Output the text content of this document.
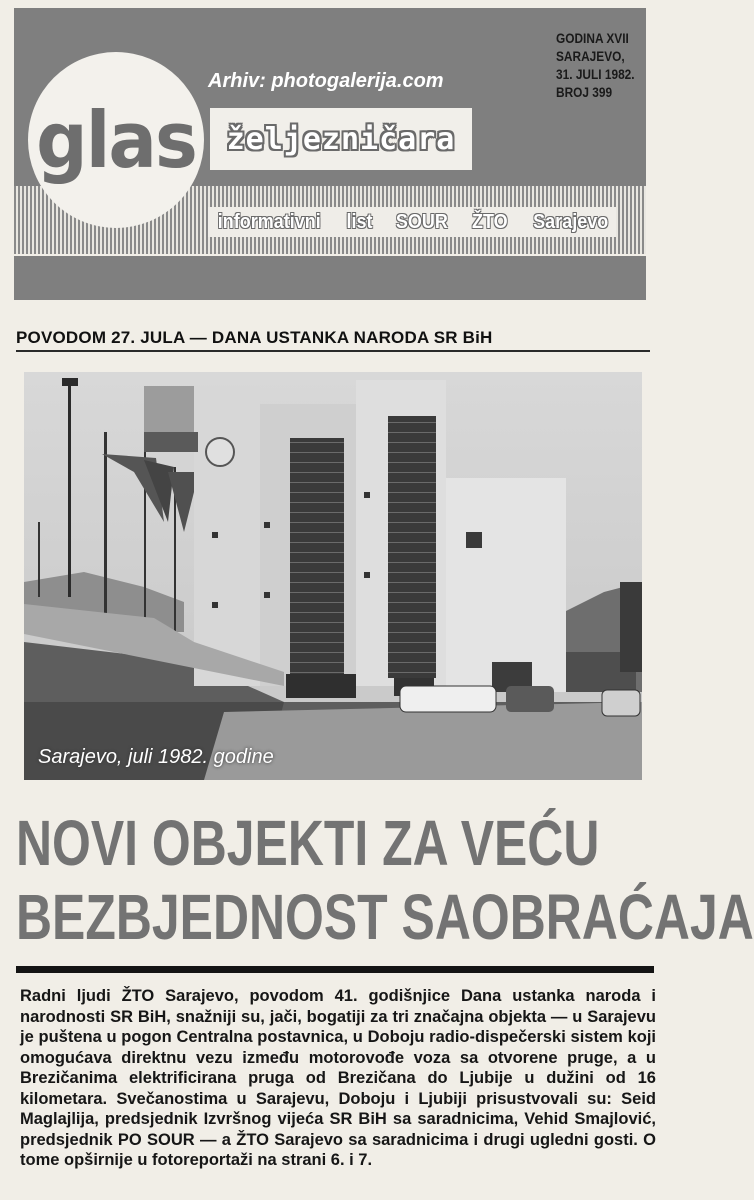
glas
Arhiv: photogalerija.com
željezničara
informativni list SOUR ŽTO Sarajevo
GODINA XVII
SARAJEVO,
31. JULI 1982.
BROJ 399
POVODOM 27. JULA — DANA USTANKA NARODA SR BiH
Sarajevo, juli 1982. godine
NOVI OBJEKTI ZA VEĆU
BEZBJEDNOST SAOBRAĆAJA
Radni ljudi ŽTO Sarajevo, povodom 41. godišnjice Dana ustanka naroda i narodnosti SR BiH, snažniji su, jači, bogatiji za tri značajna objekta — u Sarajevu je puštena u pogon Centralna postavnica, u Doboju radio-dispečerski sistem koji omogućava direktnu vezu između motorovođe voza sa otvorene pruge, a u Brezičanima elektrificirana pruga od Brezičana do Ljubije u dužini od 16 kilometara. Svečanostima u Sarajevu, Doboju i Ljubiji prisustvovali su: Seid Maglajlija, predsjednik Izvršnog vijeća SR BiH sa saradnicima, Vehid Smajlović, predsjednik PO SOUR — a ŽTO Sarajevo sa saradnicima i drugi ugledni gosti. O tome opširnije u fotoreportaži na strani 6. i 7.
